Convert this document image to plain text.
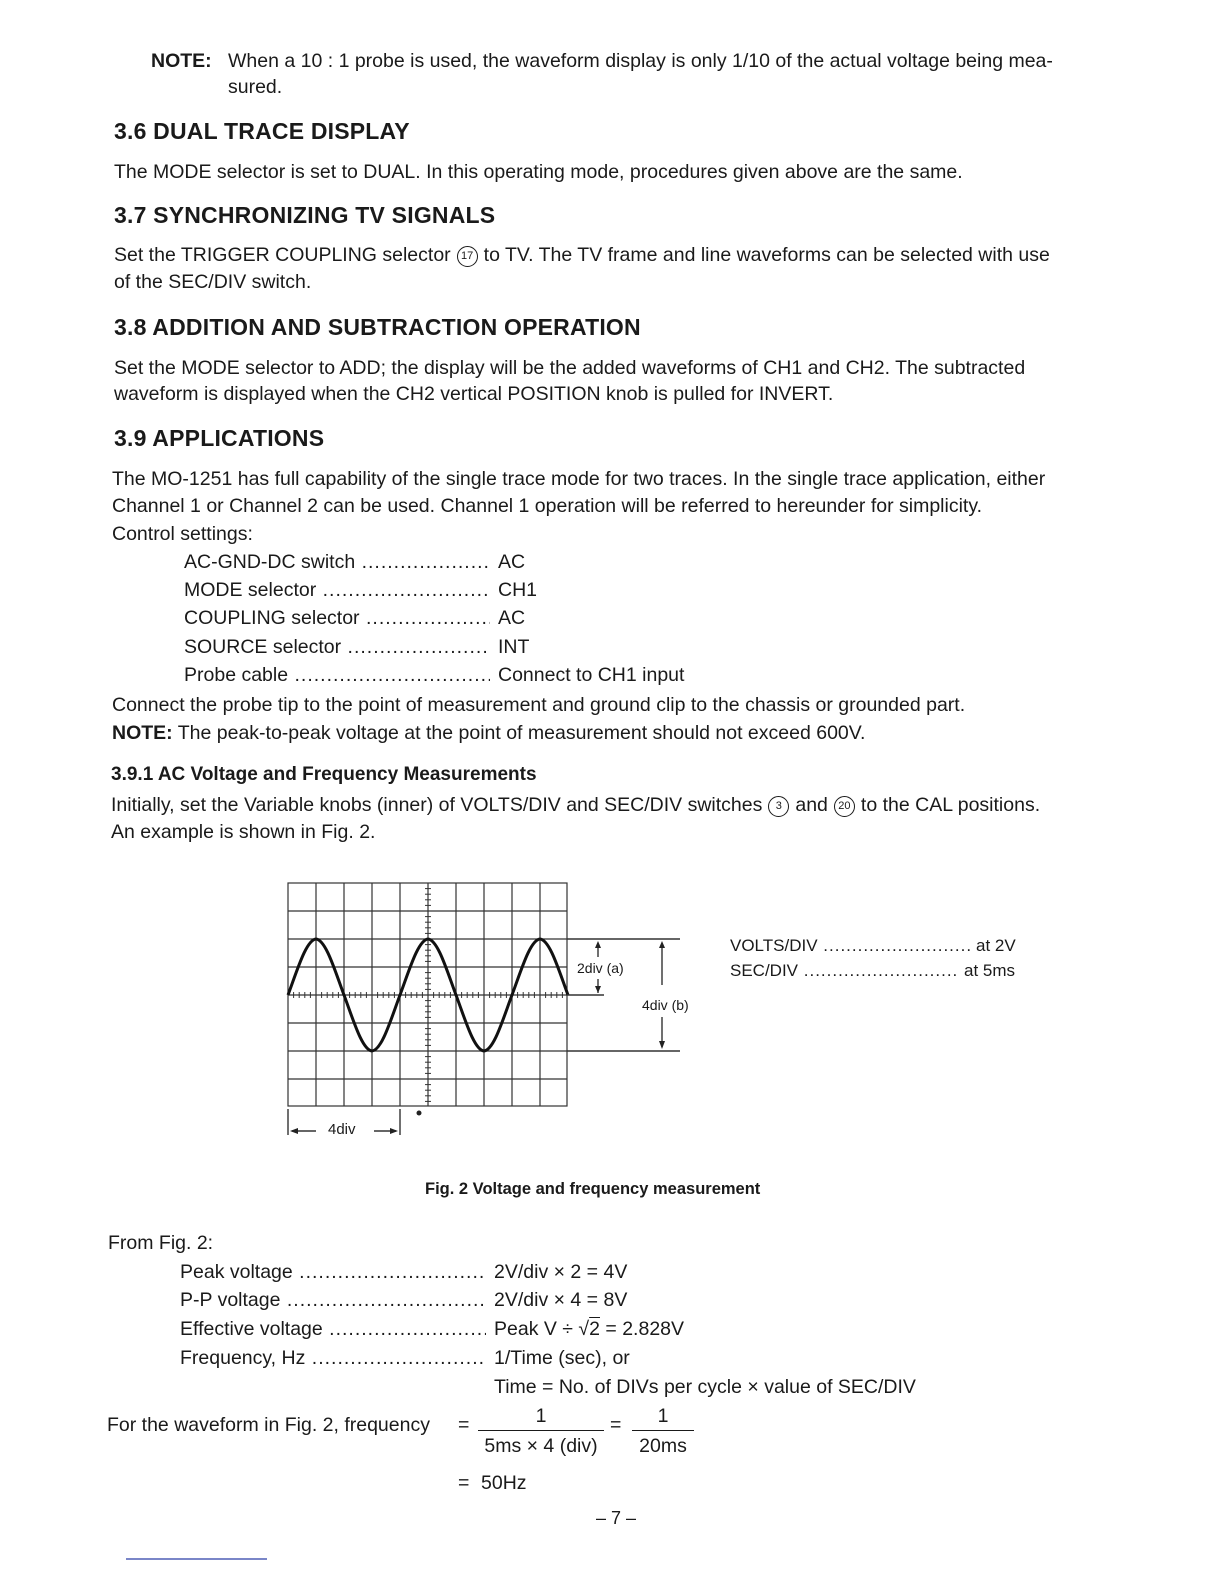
NOTE: When a 10 : 1 probe is used, the waveform display is only 1/10 of the actual voltage being mea-
sured.
3.6 DUAL TRACE DISPLAY
The MODE selector is set to DUAL. In this operating mode, procedures given above are the same.
3.7 SYNCHRONIZING TV SIGNALS
Set the TRIGGER COUPLING selector 17 to TV. The TV frame and line waveforms can be selected with use
of the SEC/DIV switch.
3.8 ADDITION AND SUBTRACTION OPERATION
Set the MODE selector to ADD; the display will be the added waveforms of CH1 and CH2. The subtracted
waveform is displayed when the CH2 vertical POSITION knob is pulled for INVERT.
3.9 APPLICATIONS
The MO-1251 has full capability of the single trace mode for two traces. In the single trace application, either
Channel 1 or Channel 2 can be used. Channel 1 operation will be referred to hereunder for simplicity.
Control settings:
AC-GND-DC switch .....	AC
MODE selector .....	CH1
COUPLING selector .....	AC
SOURCE selector .....	INT
Probe cable .....	Connect to CH1 input
Connect the probe tip to the point of measurement and ground clip to the chassis or grounded part.
NOTE: The peak-to-peak voltage at the point of measurement should not exceed 600V.
3.9.1 AC Voltage and Frequency Measurements
Initially, set the Variable knobs (inner) of VOLTS/DIV and SEC/DIV switches 3 and 20 to the CAL positions.
An example is shown in Fig. 2.
2div (a)
4div (b)
4div
VOLTS/DIV .....	at 2V
SEC/DIV .....	at 5ms
Fig. 2 Voltage and frequency measurement
From Fig. 2:
Peak voltage .....	2V/div × 2 = 4V
P-P voltage .....	2V/div × 4 = 8V
Effective voltage .....	Peak V ÷ √2 = 2.828V
Frequency, Hz .....	1/Time (sec), or
Time = No. of DIVs per cycle × value of SEC/DIV
For the waveform in Fig. 2, frequency =	1
5ms × 4 (div)
= $\frac{1}{20ms}$
= 50Hz
– 7 –
